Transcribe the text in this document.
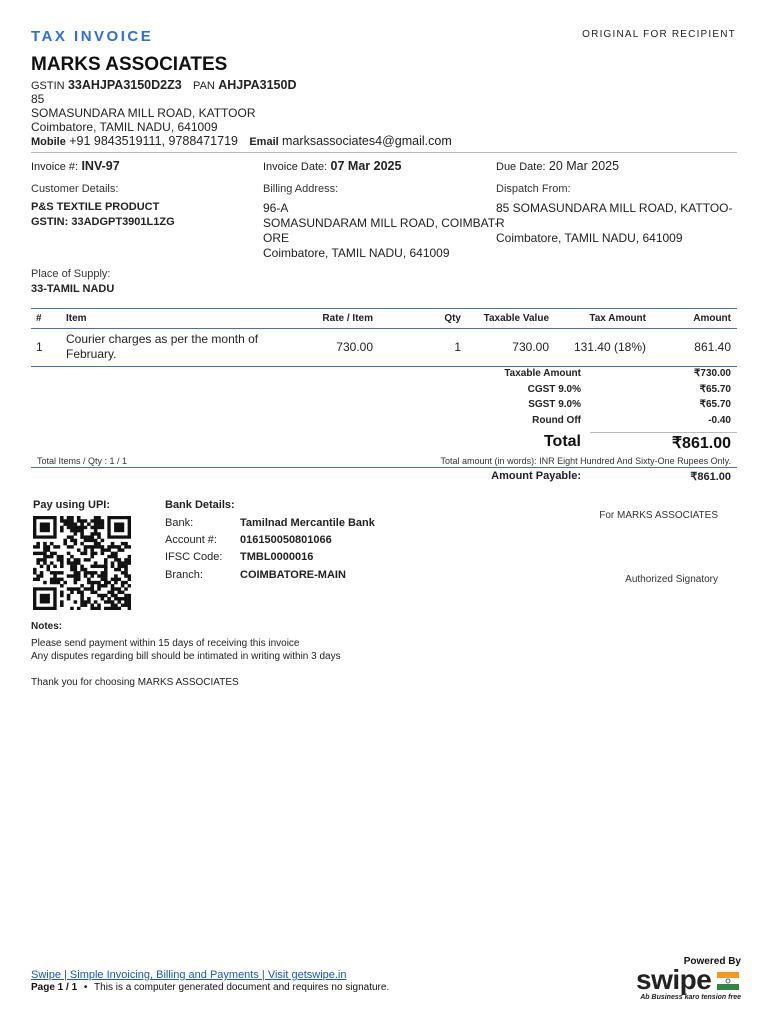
TAX INVOICE	ORIGINAL FOR RECIPIENT
MARKS ASSOCIATES
GSTIN 33AHJPA3150D2Z3 PAN AHJPA3150D
85
SOMASUNDARA MILL ROAD, KATTOOR
Coimbatore, TAMIL NADU, 641009
Mobile +91 9843519111, 9788471719 Email marksassociates4@gmail.com
Invoice #: INV-97	Invoice Date: 07 Mar 2025	Due Date: 20 Mar 2025
Customer Details:
P&S TEXTILE PRODUCT
GSTIN: 33ADGPT3901L1ZG
Billing Address:
96-A
SOMASUNDARAM MILL ROAD, COIMBAT-
ORE
Coimbatore, TAMIL NADU, 641009
Dispatch From:
85 SOMASUNDARA MILL ROAD, KATTOO-
R
Coimbatore, TAMIL NADU, 641009
Place of Supply:
33-TAMIL NADU
# Item	Rate / Item	Qty	Taxable Value	Tax Amount	Amount
1
Courier charges as per the month of
February.	730.00	1	730.00	131.40 (18%)	861.40
Taxable Amount	₹730.00
CGST 9.0%	₹65.70
SGST 9.0%	₹65.70
Round Off	-0.40
Total	₹861.00
Total Items / Qty : 1 / 1	Total amount (in words): INR Eight Hundred And Sixty-One Rupees Only.
Amount Payable:	₹861.00
Pay using UPI:	Bank Details:
Bank:	Tamilnad Mercantile Bank
Account #: 016150050801066
IFSC Code: TMBL0000016
Branch:	COIMBATORE-MAIN
For MARKS ASSOCIATES
Authorized Signatory
Notes:
Please send payment within 15 days of receiving this invoice
Any disputes regarding bill should be intimated in writing within 3 days
Thank you for choosing MARKS ASSOCIATES
Swipe | Simple Invoicing, Billing and Payments | Visit getswipe.in
Page 1 / 1 • This is a computer generated document and requires no signature.
Powered By
swipe
Ab Business karo tension free
